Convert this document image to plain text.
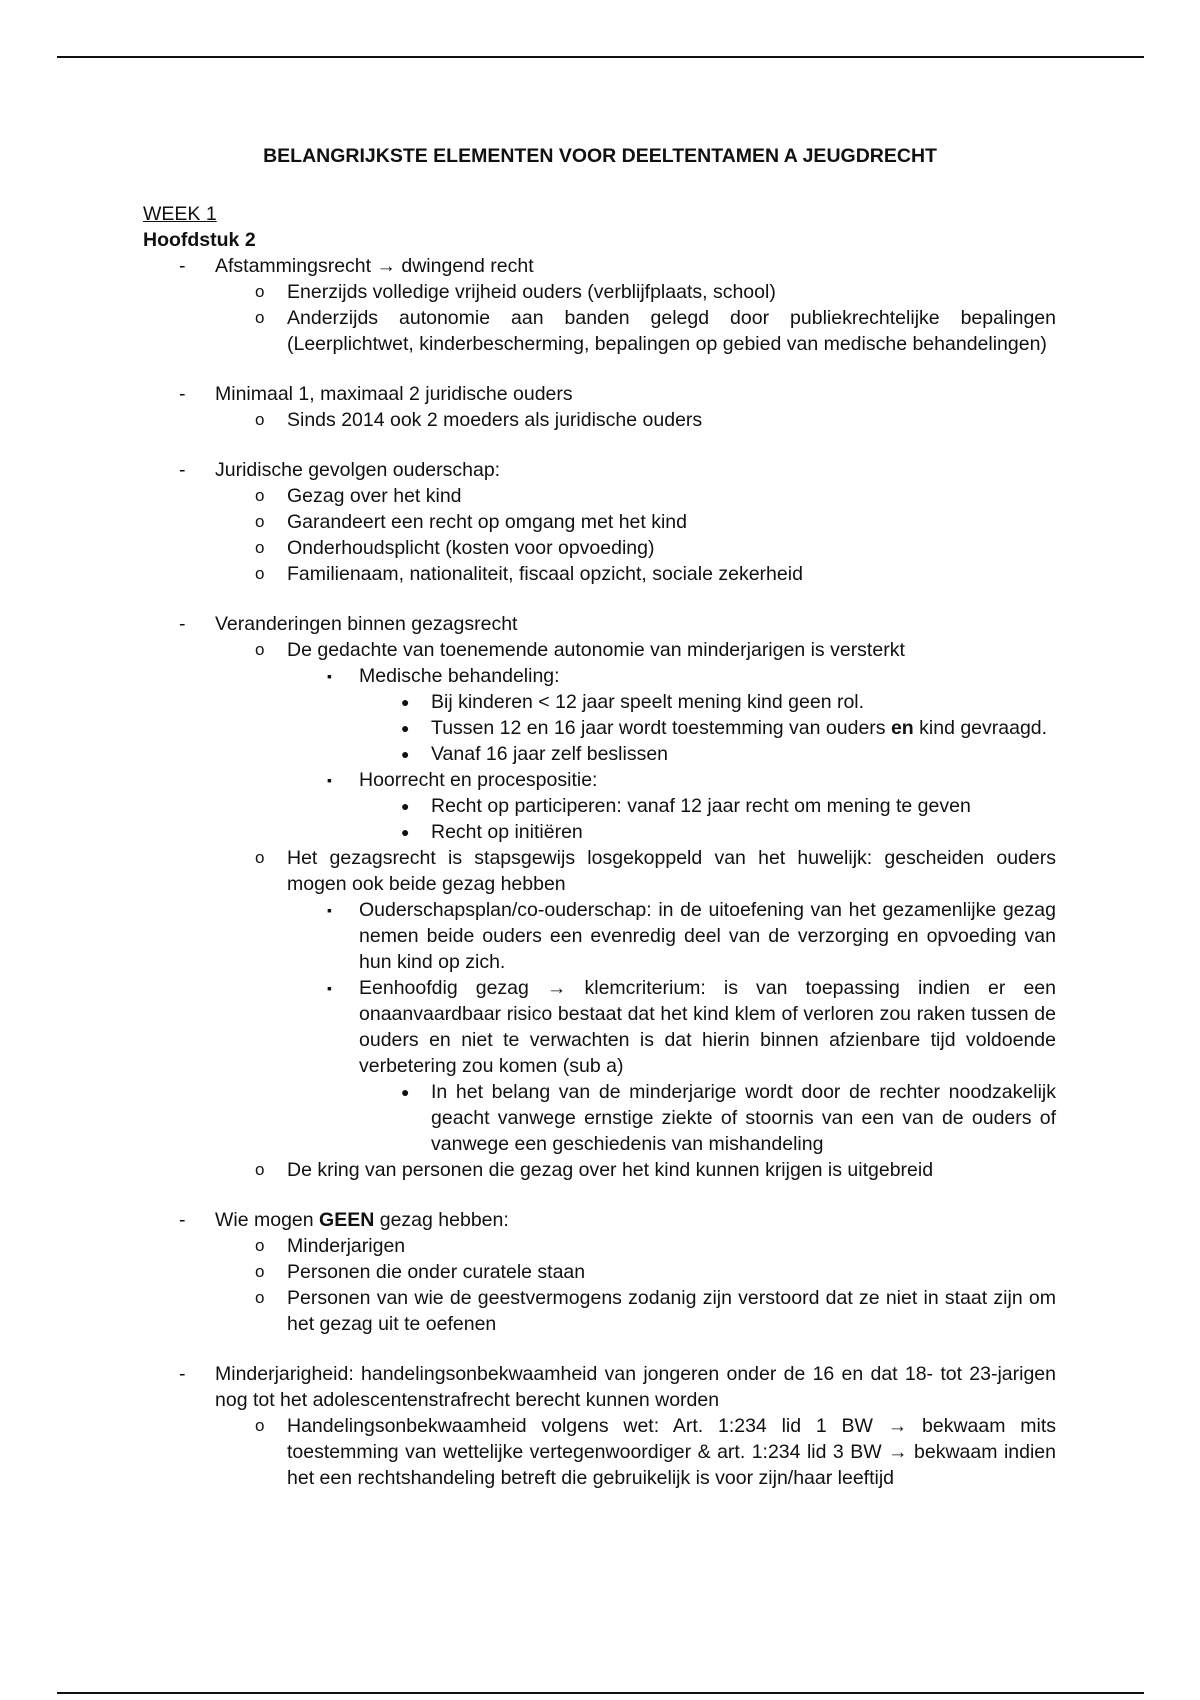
BELANGRIJKSTE ELEMENTEN VOOR DEELTENTAMEN A JEUGDRECHT
WEEK 1
Hoofdstuk 2
- Afstammingsrecht → dwingend recht
o Enerzijds volledige vrijheid ouders (verblijfplaats, school)
o Anderzijds autonomie aan banden gelegd door publiekrechtelijke bepalingen (Leerplichtwet, kinderbescherming, bepalingen op gebied van medische behandelingen)
- Minimaal 1, maximaal 2 juridische ouders
o Sinds 2014 ook 2 moeders als juridische ouders
- Juridische gevolgen ouderschap:
o Gezag over het kind
o Garandeert een recht op omgang met het kind
o Onderhoudsplicht (kosten voor opvoeding)
o Familienaam, nationaliteit, fiscaal opzicht, sociale zekerheid
- Veranderingen binnen gezagsrecht
o De gedachte van toenemende autonomie van minderjarigen is versterkt
▪ Medische behandeling:
● Bij kinderen < 12 jaar speelt mening kind geen rol.
● Tussen 12 en 16 jaar wordt toestemming van ouders en kind gevraagd.
● Vanaf 16 jaar zelf beslissen
▪ Hoorrecht en procespositie:
● Recht op participeren: vanaf 12 jaar recht om mening te geven
● Recht op initiëren
o Het gezagsrecht is stapsgewijs losgekoppeld van het huwelijk: gescheiden ouders mogen ook beide gezag hebben
▪ Ouderschapsplan/co-ouderschap: in de uitoefening van het gezamenlijke gezag nemen beide ouders een evenredig deel van de verzorging en opvoeding van hun kind op zich.
▪ Eenhoofdig gezag → klemcriterium: is van toepassing indien er een onaanvaardbaar risico bestaat dat het kind klem of verloren zou raken tussen de ouders en niet te verwachten is dat hierin binnen afzienbare tijd voldoende verbetering zou komen (sub a)
● In het belang van de minderjarige wordt door de rechter noodzakelijk geacht vanwege ernstige ziekte of stoornis van een van de ouders of vanwege een geschiedenis van mishandeling
o De kring van personen die gezag over het kind kunnen krijgen is uitgebreid
- Wie mogen GEEN gezag hebben:
o Minderjarigen
o Personen die onder curatele staan
o Personen van wie de geestvermogens zodanig zijn verstoord dat ze niet in staat zijn om het gezag uit te oefenen
- Minderjarigheid: handelingsonbekwaamheid van jongeren onder de 16 en dat 18- tot 23-jarigen nog tot het adolescentenstrafrecht berecht kunnen worden
o Handelingsonbekwaamheid volgens wet: Art. 1:234 lid 1 BW → bekwaam mits toestemming van wettelijke vertegenwoordiger & art. 1:234 lid 3 BW → bekwaam indien het een rechtshandeling betreft die gebruikelijk is voor zijn/haar leeftijd
